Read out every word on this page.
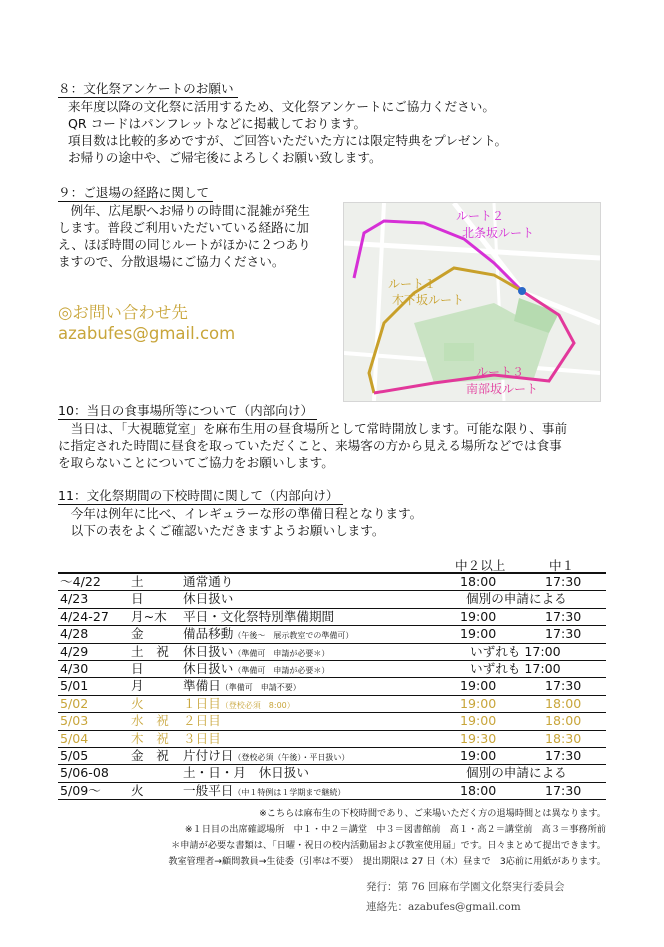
８：文化祭アンケートのお願い
来年度以降の文化祭に活用するため、文化祭アンケートにご協力ください。
QR コードはパンフレットなどに掲載しております。
項目数は比較的多めですが、ご回答いただいた方には限定特典をプレゼント。
お帰りの途中や、ご帰宅後によろしくお願い致します。
９：ご退場の経路に関して
　例年、広尾駅へお帰りの時間に混雑が発生
します。普段ご利用いただいている経路に加
え、ほぼ時間の同じルートがほかに２つあり
ますので、分散退場にご協力ください。
◎お問い合わせ先
azabufes@gmail.com
ルート２
北条坂ルート
ルート１
木下坂ルート
ルート３
南部坂ルート
10：当日の食事場所等について（内部向け）
　当日は、「大視聴覚室」を麻布生用の昼食場所として常時開放します。可能な限り、事前
に指定された時間に昼食を取っていただくこと、来場客の方から見える場所などでは食事
を取らないことについてご協力をお願いします。
11：文化祭期間の下校時間に関して（内部向け）
　今年は例年に比べ、イレギュラーな形の準備日程となります。
　以下の表をよくご確認いただきますようお願いします。
中２以上	中１
〜4/22 土	通常通り	18:00	17:30
4/23	日	休日扱い	個別の申請による
4/24-27 月~木 平日・文化祭特別準備期間	19:00	17:30
4/28	金	備品移動（午後〜　展示教室での準備可）	19:00	17:30
4/29	土　祝 休日扱い（準備可　申請が必要＊）	いずれも 17:00
4/30	日	休日扱い（準備可　申請が必要＊）	いずれも 17:00
5/01	月	準備日（準備可　申請不要）	19:00	17:30
5/02	火	１日目（登校必須　8:00）	19:00	18:00
5/03	水　祝 ２日目	19:00	18:00
5/04	木　祝 ３日目	19:30	18:30
5/05	金　祝 片付け日（登校必須（午後）・平日扱い）	19:00	17:30
5/06-08	土・日・月　休日扱い	個別の申請による
5/09〜 火	一般平日（中１特例は１学期まで継続）	18:00	17:30
※こちらは麻布生の下校時間であり、ご来場いただく方の退場時間とは異なります。
※１日目の出席確認場所　中１・中２＝講堂　中３＝図書館前　高１・高２＝講堂前　高３＝事務所前
＊申請が必要な書類は、「日曜・祝日の校内活動届および教室使用届」です。日々まとめて提出できます。
教室管理者→顧問教員→生徒委（引率は不要）　提出期限は 27 日（木）昼まで　3応前に用紙があります。
発行：第 76 回麻布学園文化祭実行委員会
連絡先：azabufes@gmail.com
